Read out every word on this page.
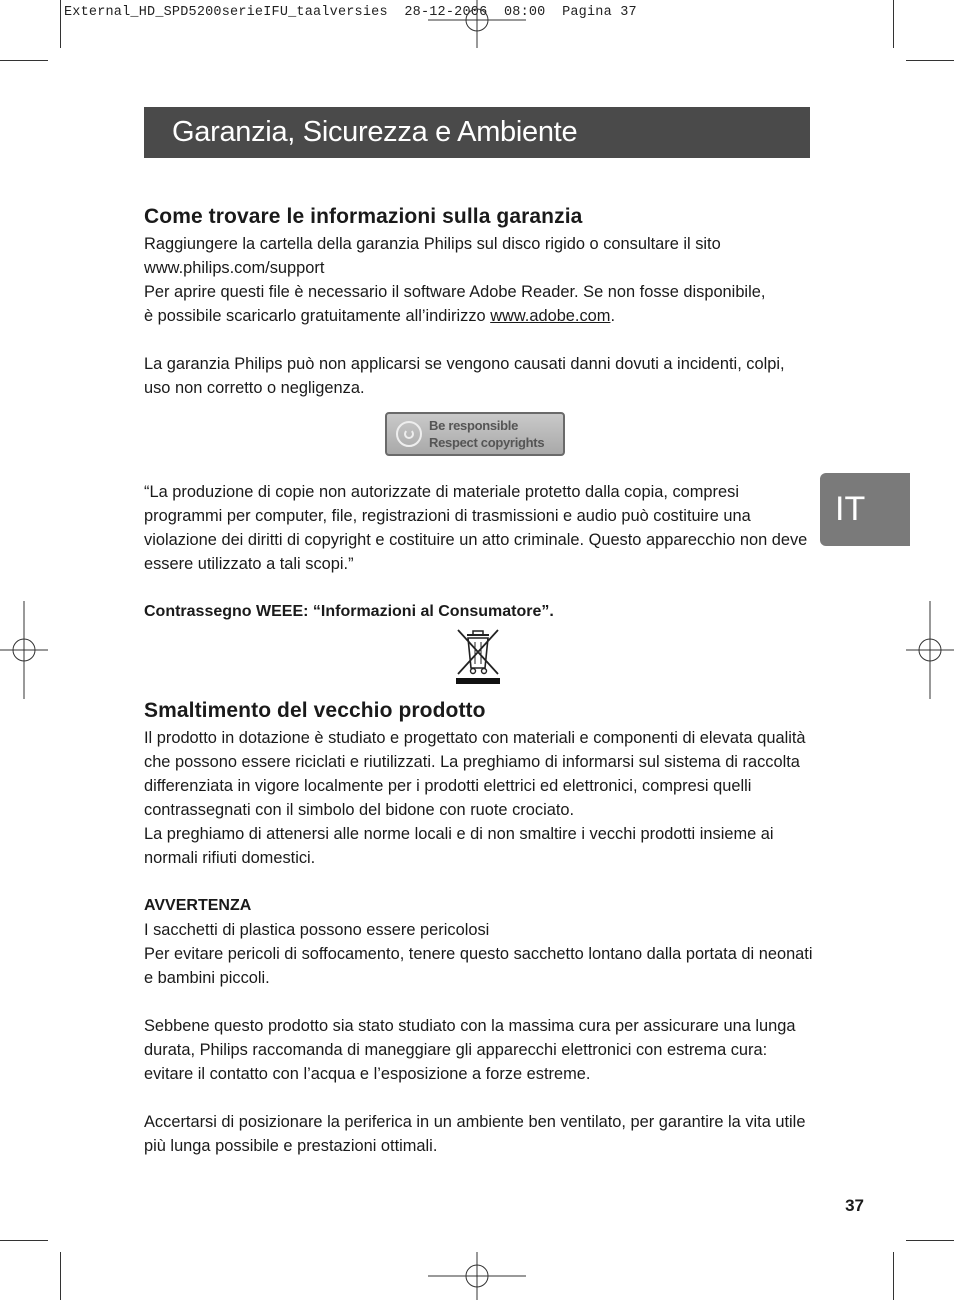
External_HD_SPD5200serieIFU_taalversies  28-12-2006  08:00  Pagina 37
Garanzia, Sicurezza e Ambiente
IT
Come trovare le informazioni sulla garanzia

Raggiungere la cartella della garanzia Philips sul disco rigido o consultare il sito

www.philips.com/support

Per aprire questi file è necessario il software Adobe Reader. Se non fosse disponibile,

è possibile scaricarlo gratuitamente all’indirizzo www.adobe.com.

La garanzia Philips può non applicarsi se vengono causati danni dovuti a incidenti, colpi, uso non corretto o negligenza.

Be responsible
Respect copyrights

“La produzione di copie non autorizzate di materiale protetto dalla copia, compresi programmi per computer, file, registrazioni di trasmissioni e audio può costituire una violazione dei diritti di copyright e costituire un atto criminale. Questo apparecchio non deve essere utilizzato a tali scopi.”

Contrassegno WEEE: “Informazioni al Consumatore”.
Smaltimento del vecchio prodotto

Il prodotto in dotazione è studiato e progettato con materiali e componenti di elevata qualità che possono essere riciclati e riutilizzati. La preghiamo di informarsi sul sistema di raccolta differenziata in vigore localmente per i prodotti elettrici ed elettronici, compresi quelli contrassegnati con il simbolo del bidone con ruote crociato.

La preghiamo di attenersi alle norme locali e di non smaltire i vecchi prodotti insieme ai normali rifiuti domestici.

AVVERTENZA

I sacchetti di plastica possono essere pericolosi

Per evitare pericoli di soffocamento, tenere questo sacchetto lontano dalla portata di neonati e bambini piccoli.

Sebbene questo prodotto sia stato studiato con la massima cura per assicurare una lunga durata, Philips raccomanda di maneggiare gli apparecchi elettronici con estrema cura: evitare il contatto con l’acqua e l’esposizione a forze estreme.

Accertarsi di posizionare la periferica in un ambiente ben ventilato, per garantire la vita utile più lunga possibile e prestazioni ottimali.

37
